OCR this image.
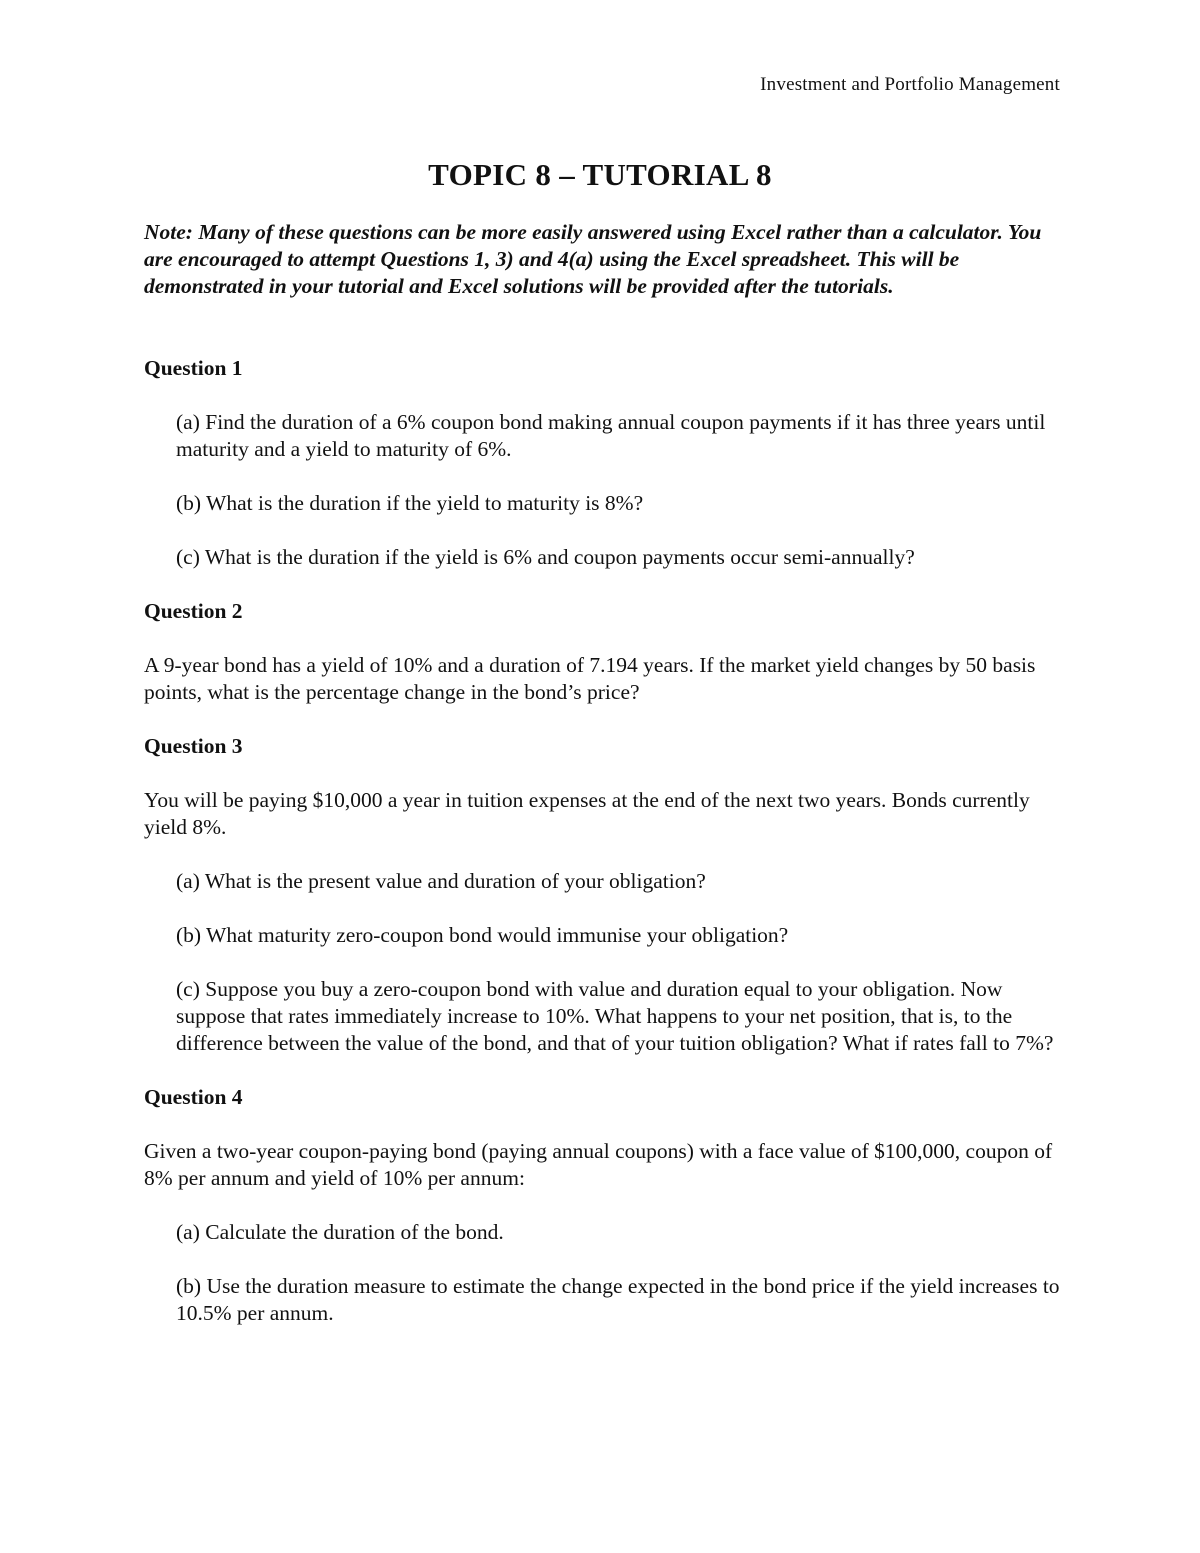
Investment and Portfolio Management
TOPIC 8 – TUTORIAL 8
Note: Many of these questions can be more easily answered using Excel rather than a calculator. You are encouraged to attempt Questions 1, 3) and 4(a) using the Excel spreadsheet. This will be demonstrated in your tutorial and Excel solutions will be provided after the tutorials.

Question 1

(a) Find the duration of a 6% coupon bond making annual coupon payments if it has three years until maturity and a yield to maturity of 6%.

(b) What is the duration if the yield to maturity is 8%?

(c) What is the duration if the yield is 6% and coupon payments occur semi-annually?

Question 2

A 9-year bond has a yield of 10% and a duration of 7.194 years. If the market yield changes by 50 basis points, what is the percentage change in the bond’s price?

Question 3

You will be paying $10,000 a year in tuition expenses at the end of the next two years. Bonds currently yield 8%.

(a) What is the present value and duration of your obligation?

(b) What maturity zero-coupon bond would immunise your obligation?

(c) Suppose you buy a zero-coupon bond with value and duration equal to your obligation. Now suppose that rates immediately increase to 10%. What happens to your net position, that is, to the difference between the value of the bond, and that of your tuition obligation? What if rates fall to 7%?

Question 4

Given a two-year coupon-paying bond (paying annual coupons) with a face value of $100,000, coupon of 8% per annum and yield of 10% per annum:

(a) Calculate the duration of the bond.

(b) Use the duration measure to estimate the change expected in the bond price if the yield increases to 10.5% per annum.
